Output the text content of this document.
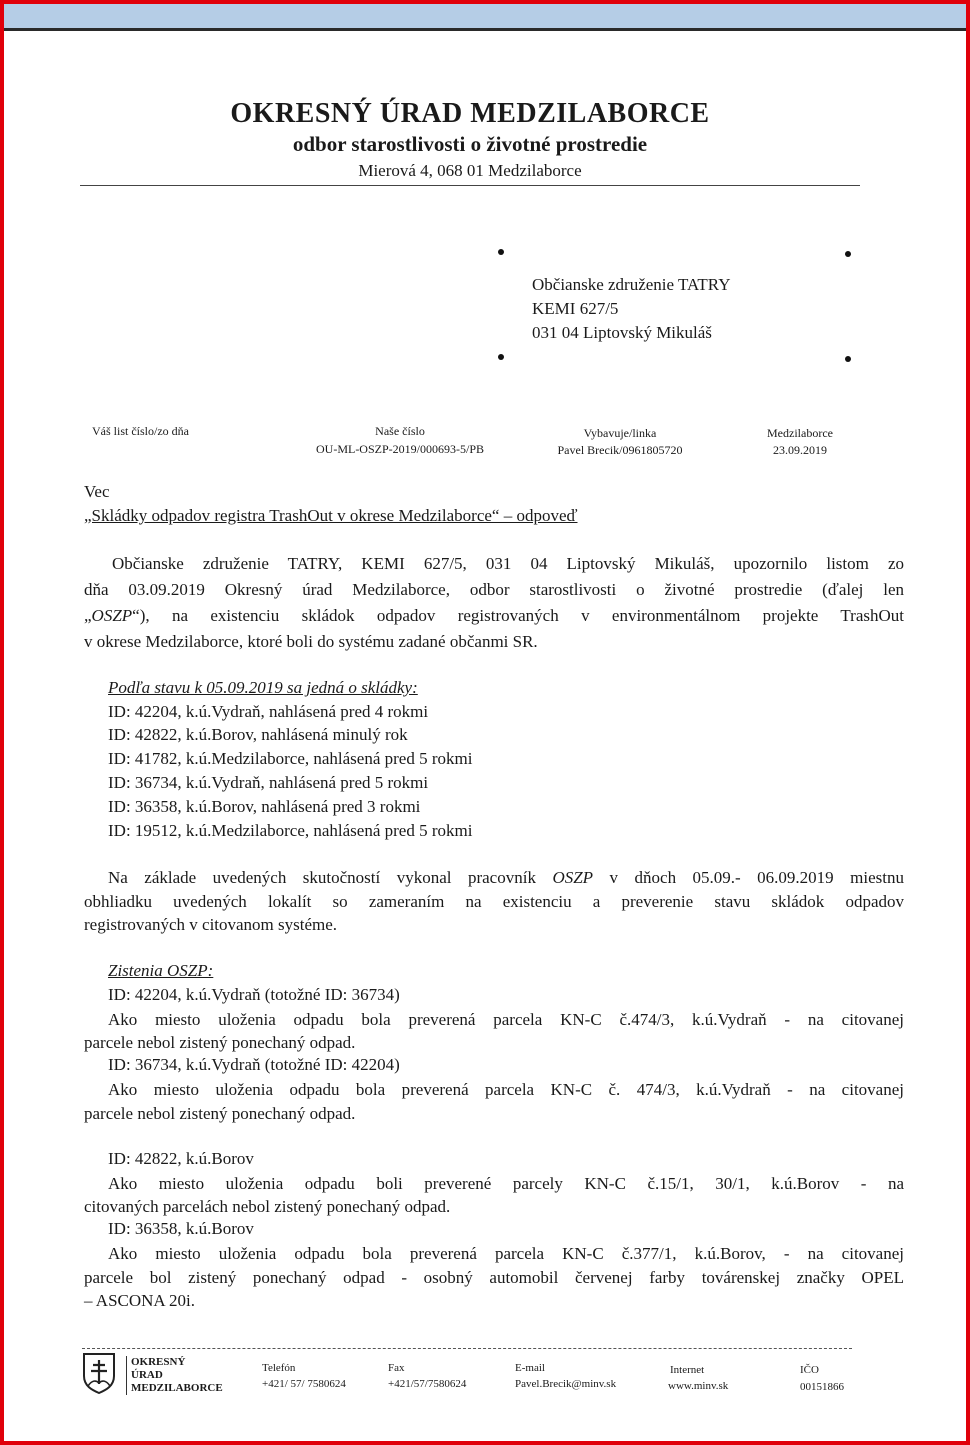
OKRESNÝ ÚRAD MEDZILABORCE
odbor starostlivosti o životné prostredie
Mierová 4, 068 01 Medzilaborce
Občianske združenie TATRY
KEMI 627/5
031 04 Liptovský Mikuláš
Váš list číslo/zo dňa	Naše číslo
OU-ML-OSZP-2019/000693-5/PB
Vybavuje/linka
Pavel Brecik/0961805720
Medzilaborce
23.09.2019
Vec
„Skládky odpadov registra TrashOut v okrese Medzilaborce“ – odpoveď
Občianske združenie TATRY, KEMI 627/5, 031 04 Liptovský Mikuláš, upozornilo listom zo
dňa 03.09.2019 Okresný úrad Medzilaborce, odbor starostlivosti o životné prostredie (ďalej len
„OSZP“), na existenciu skládok odpadov registrovaných v environmentálnom projekte TrashOut
v okrese Medzilaborce, ktoré boli do systému zadané občanmi SR.
Podľa stavu k 05.09.2019 sa jedná o skládky:
ID: 42204, k.ú.Vydraň, nahlásená pred 4 rokmi
ID: 42822, k.ú.Borov, nahlásená minulý rok
ID: 41782, k.ú.Medzilaborce, nahlásená pred 5 rokmi
ID: 36734, k.ú.Vydraň, nahlásená pred 5 rokmi
ID: 36358, k.ú.Borov, nahlásená pred 3 rokmi
ID: 19512, k.ú.Medzilaborce, nahlásená pred 5 rokmi
Na základe uvedených skutočností vykonal pracovník OSZP v dňoch 05.09.- 06.09.2019 miestnu
obhliadku uvedených lokalít so zameraním na existenciu a preverenie stavu skládok odpadov
registrovaných v citovanom systéme.
Zistenia OSZP:
ID: 42204, k.ú.Vydraň (totožné ID: 36734)
Ako miesto uloženia odpadu bola preverená parcela KN-C č.474/3, k.ú.Vydraň - na citovanej
parcele nebol zistený ponechaný odpad.
ID: 36734, k.ú.Vydraň (totožné ID: 42204)
Ako miesto uloženia odpadu bola preverená parcela KN-C č. 474/3, k.ú.Vydraň - na citovanej
parcele nebol zistený ponechaný odpad.
ID: 42822, k.ú.Borov
Ako miesto uloženia odpadu boli preverené parcely KN-C č.15/1, 30/1, k.ú.Borov - na
citovaných parcelách nebol zistený ponechaný odpad.
ID: 36358, k.ú.Borov
Ako miesto uloženia odpadu bola preverená parcela KN-C č.377/1, k.ú.Borov, - na citovanej
parcele bol zistený ponechaný odpad - osobný automobil červenej farby továrenskej značky OPEL
– ASCONA 20i.
OKRESNÝ
ÚRAD
MEDZILABORCE
Telefón
+421/ 57/ 7580624
Fax
+421/57/7580624
E-mail
Pavel.Brecik@minv.sk
Internet
www.minv.sk
IČO
00151866
